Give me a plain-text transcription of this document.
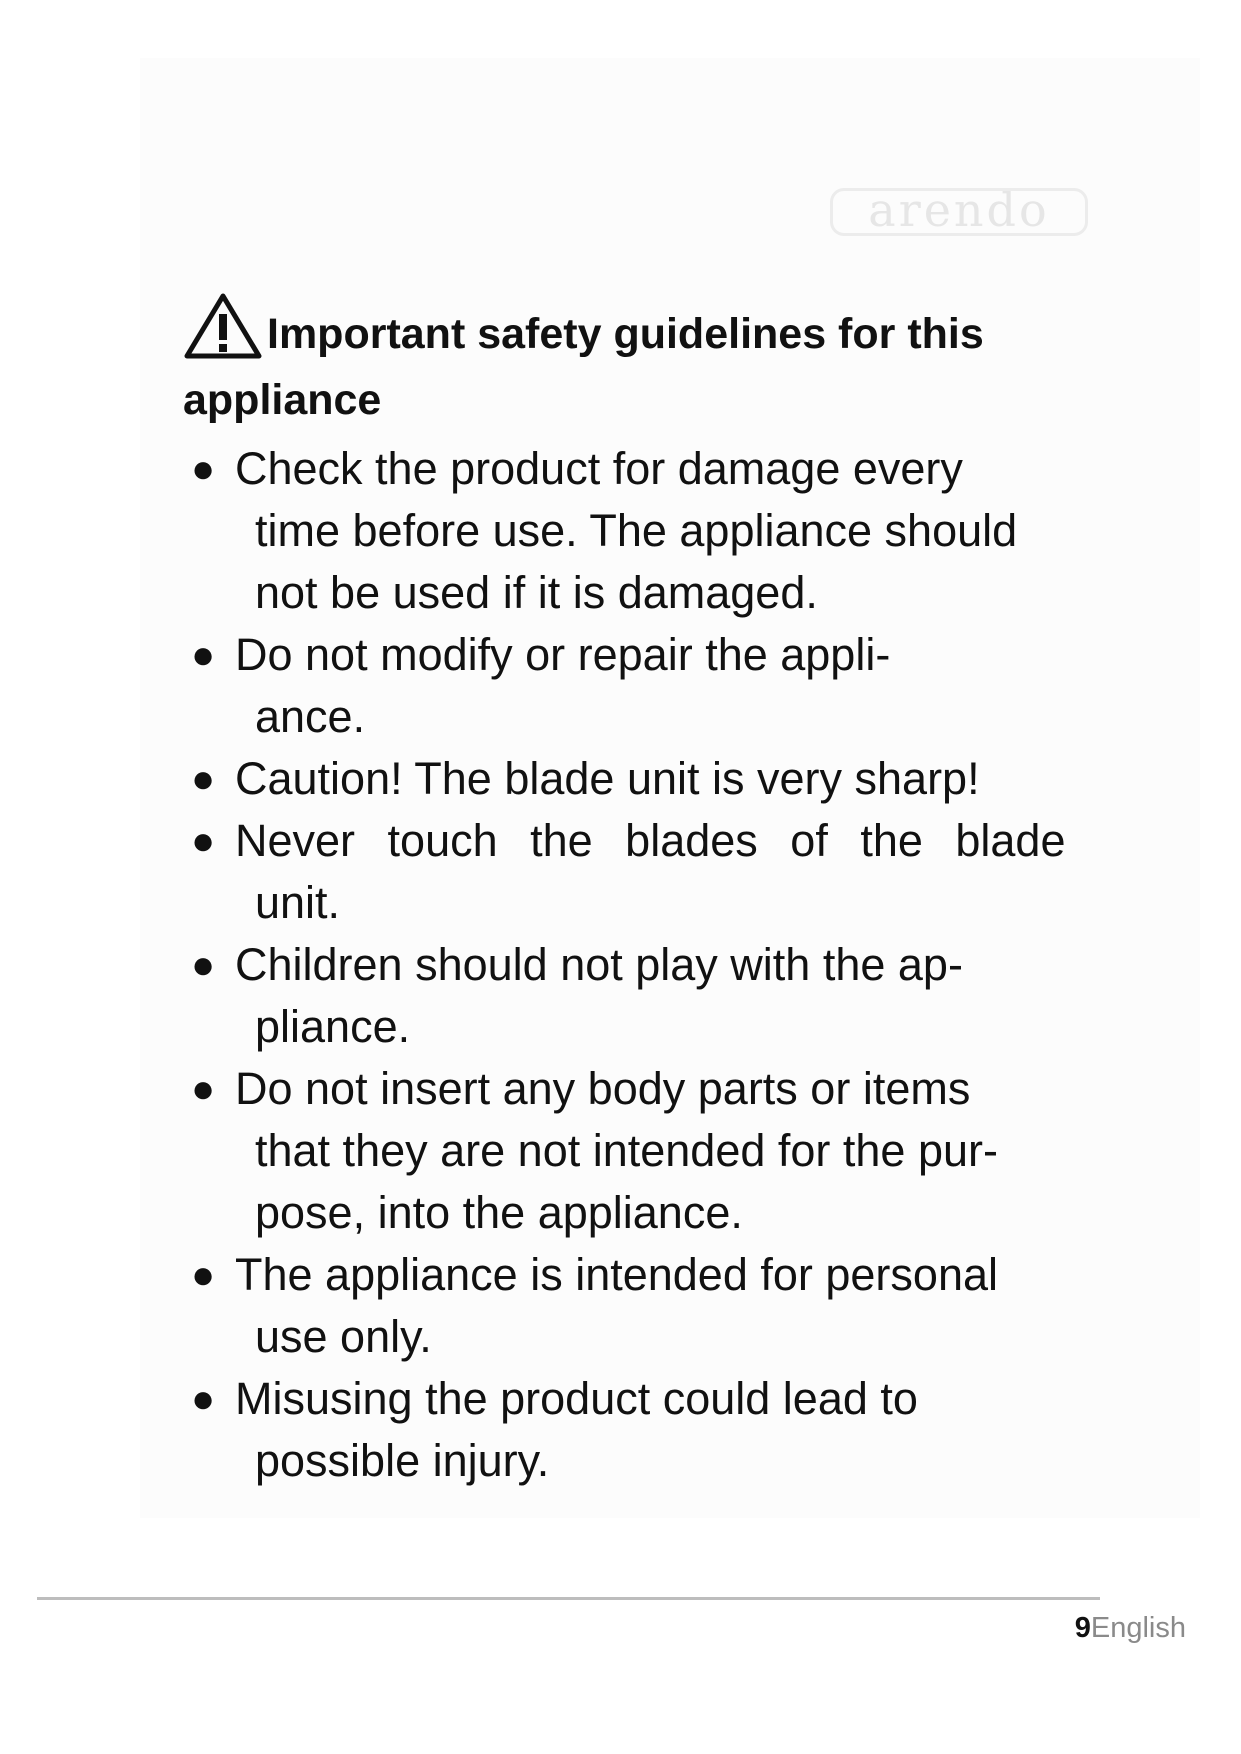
arendo
Important safety guidelines for this appliance
● Check the product for damage every
time before use. The appliance should
not be used if it is damaged.
● Do not modify or repair the appli-
ance.
● Caution! The blade unit is very sharp!
● Never touch the blades of the blade
unit.
● Children should not play with the ap-
pliance.
● Do not insert any body parts or items
that they are not intended for the pur-
pose, into the appliance.
● The appliance is intended for personal
use only.
● Misusing the product could lead to
possible injury.
9English
